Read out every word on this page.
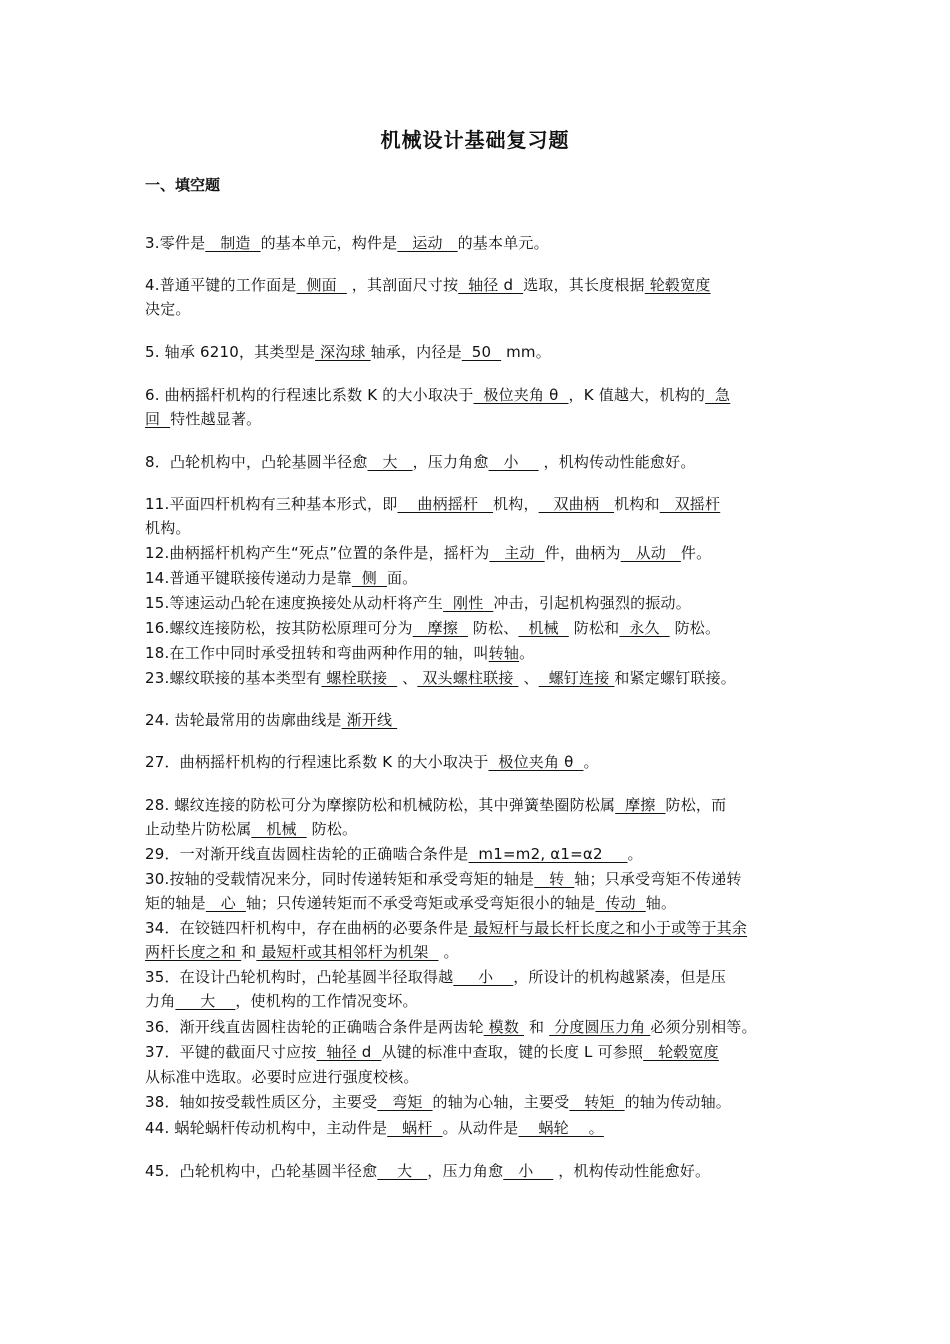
机械设计基础复习题
一、填空题
3.零件是   制造  的基本单元，构件是   运动   的基本单元。
4.普通平键的工作面是  侧面   ，其剖面尺寸按  轴径 d  选取，其长度根据 轮毂宽度
决定。
5. 轴承 6210，其类型是 深沟球 轴承，内径是  50   mm。
6. 曲柄摇杆机构的行程速比系数 K 的大小取决于  极位夹角 θ  ，K 值越大，机构的  急
回  特性越显著。
8．凸轮机构中，凸轮基圆半径愈   大   ，压力角愈   小     ，机构传动性能愈好。
11.平面四杆机构有三种基本形式，即    曲柄摇杆   机构，   双曲柄   机构和   双摇杆
机构。
12.曲柄摇杆机构产生“死点”位置的条件是，摇杆为   主动  件，曲柄为   从动   件。
14.普通平键联接传递动力是靠  侧  面。
15.等速运动凸轮在速度换接处从动杆将产生  刚性  冲击，引起机构强烈的振动。
16.螺纹连接防松，按其防松原理可分为   摩擦   防松、  机械   防松和  永久   防松。
18.在工作中同时承受扭转和弯曲两种作用的轴，叫转轴。
23.螺纹联接的基本类型有 螺栓联接   、 双头螺柱联接  、  螺钉连接 和紧定螺钉联接。
24. 齿轮最常用的齿廓曲线是 渐开线
27．曲柄摇杆机构的行程速比系数 K 的大小取决于  极位夹角 θ  。
28. 螺纹连接的防松可分为摩擦防松和机械防松，其中弹簧垫圈防松属  摩擦  防松，而
止动垫片防松属   机械   防松。
29．一对渐开线直齿圆柱齿轮的正确啮合条件是  m1=m2, α1=α2     。
30.按轴的受载情况来分，同时传递转矩和承受弯矩的轴是   转  轴；只承受弯矩不传递转
矩的轴是   心  轴；只传递转矩而不承受弯矩或承受弯矩很小的轴是  传动  轴。
34．在铰链四杆机构中，存在曲柄的必要条件是 最短杆与最长杆长度之和小于或等于其余
两杆长度之和 和 最短杆或其相邻杆为机架   。
35．在设计凸轮机构时，凸轮基圆半径取得越     小    ，所设计的机构越紧凑，但是压
力角     大    ，使机构的工作情况变坏。
36．渐开线直齿圆柱齿轮的正确啮合条件是两齿轮 模数  和  分度圆压力角 必须分别相等。
37．平键的截面尺寸应按  轴径 d  从键的标准中查取，键的长度 L 可参照   轮毂宽度
从标准中选取。必要时应进行强度校核。
38．轴如按受载性质区分，主要受   弯矩  的轴为心轴，主要受   转矩  的轴为传动轴。
44. 蜗轮蜗杆传动机构中，主动件是   蜗杆  。从动件是    蜗轮    。
45．凸轮机构中，凸轮基圆半径愈    大   ，压力角愈   小     ，机构传动性能愈好。
